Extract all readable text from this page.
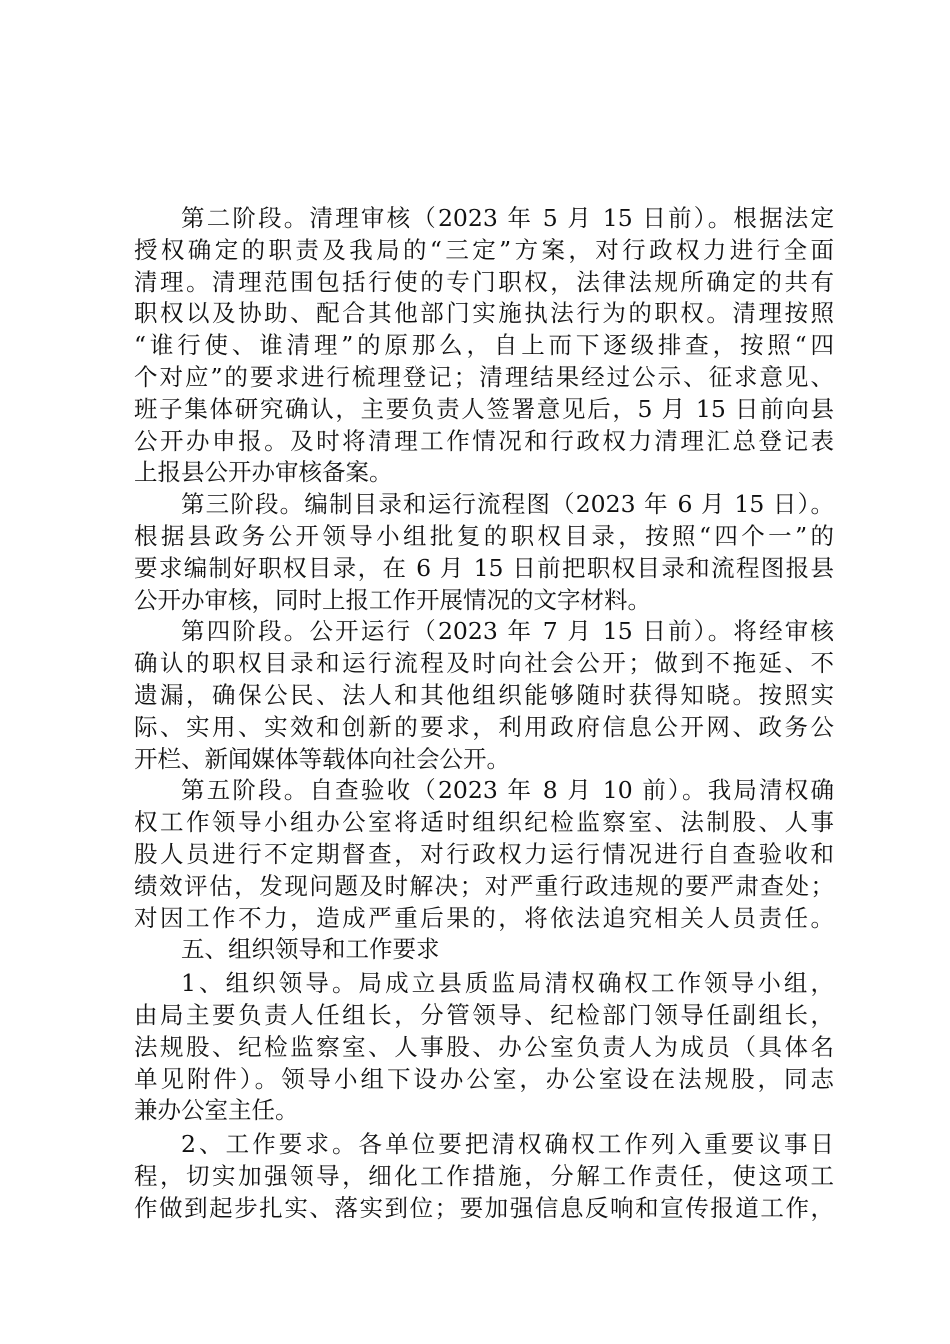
第二阶段。清理审核（2023 年 5 月 15 日前）。根据法定
授权确定的职责及我局的“三定”方案，对行政权力进行全面
清理。清理范围包括行使的专门职权，法律法规所确定的共有
职权以及协助、配合其他部门实施执法行为的职权。清理按照
“谁行使、谁清理”的原那么，自上而下逐级排查，按照“四
个对应”的要求进行梳理登记；清理结果经过公示、征求意见、
班子集体研究确认，主要负责人签署意见后，5 月 15 日前向县
公开办申报。及时将清理工作情况和行政权力清理汇总登记表
上报县公开办审核备案。
第三阶段。编制目录和运行流程图（2023 年 6 月 15 日）。
根据县政务公开领导小组批复的职权目录，按照“四个一”的
要求编制好职权目录，在 6 月 15 日前把职权目录和流程图报县
公开办审核，同时上报工作开展情况的文字材料。
第四阶段。公开运行（2023 年 7 月 15 日前）。将经审核
确认的职权目录和运行流程及时向社会公开；做到不拖延、不
遗漏，确保公民、法人和其他组织能够随时获得知晓。按照实
际、实用、实效和创新的要求，利用政府信息公开网、政务公
开栏、新闻媒体等载体向社会公开。
第五阶段。自查验收（2023 年 8 月 10 前）。我局清权确
权工作领导小组办公室将适时组织纪检监察室、法制股、人事
股人员进行不定期督查，对行政权力运行情况进行自查验收和
绩效评估，发现问题及时解决；对严重行政违规的要严肃查处；
对因工作不力，造成严重后果的，将依法追究相关人员责任。
五、组织领导和工作要求
1、组织领导。局成立县质监局清权确权工作领导小组，
由局主要负责人任组长，分管领导、纪检部门领导任副组长，
法规股、纪检监察室、人事股、办公室负责人为成员（具体名
单见附件）。领导小组下设办公室，办公室设在法规股，同志
兼办公室主任。
2、工作要求。各单位要把清权确权工作列入重要议事日
程，切实加强领导，细化工作措施，分解工作责任，使这项工
作做到起步扎实、落实到位；要加强信息反响和宣传报道工作，
